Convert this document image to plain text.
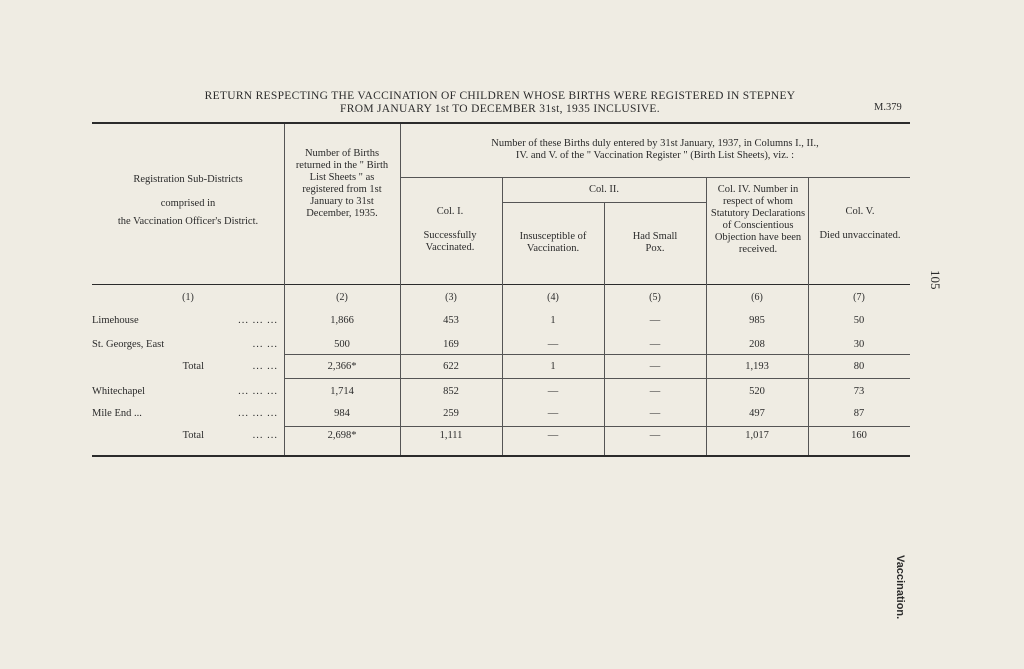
RETURN RESPECTING THE VACCINATION OF CHILDREN WHOSE BIRTHS WERE REGISTERED IN STEPNEY
FROM JANUARY 1st TO DECEMBER 31st, 1935 INCLUSIVE.	M.379
105
Vaccination.
Registration Sub-Districts
comprised in
the Vaccination Officer's District.
Number of Births returned in the " Birth List Sheets " as registered from 1st January to 31st December, 1935.
Number of these Births duly entered by 31st January, 1937, in Columns I., II., IV. and V. of the " Vaccination Register " (Birth List Sheets), viz. :
Col. I.
Successfully Vaccinated.
Col. II.
Insusceptible of Vaccination.
Had Small Pox.
Col. IV. Number in respect of whom Statutory Declarations of Conscientious Objection have been received.
Col. V.
Died unvaccinated.
(1)	(2)	(3)	(4)	(5)	(6)	(7)
Limehouse	... ... ...	1,866	453	1	—	985	50
St. Georges, East	... ...	500	169	—	—	208	30
Total	... ...	2,366*	622	1	—	1,193	80
Whitechapel	... ... ...	1,714	852	—	—	520	73
Mile End ...	... ... ...	984	259	—	—	497	87
Total	... ...	2,698*	1,111	—	—	1,017	160
